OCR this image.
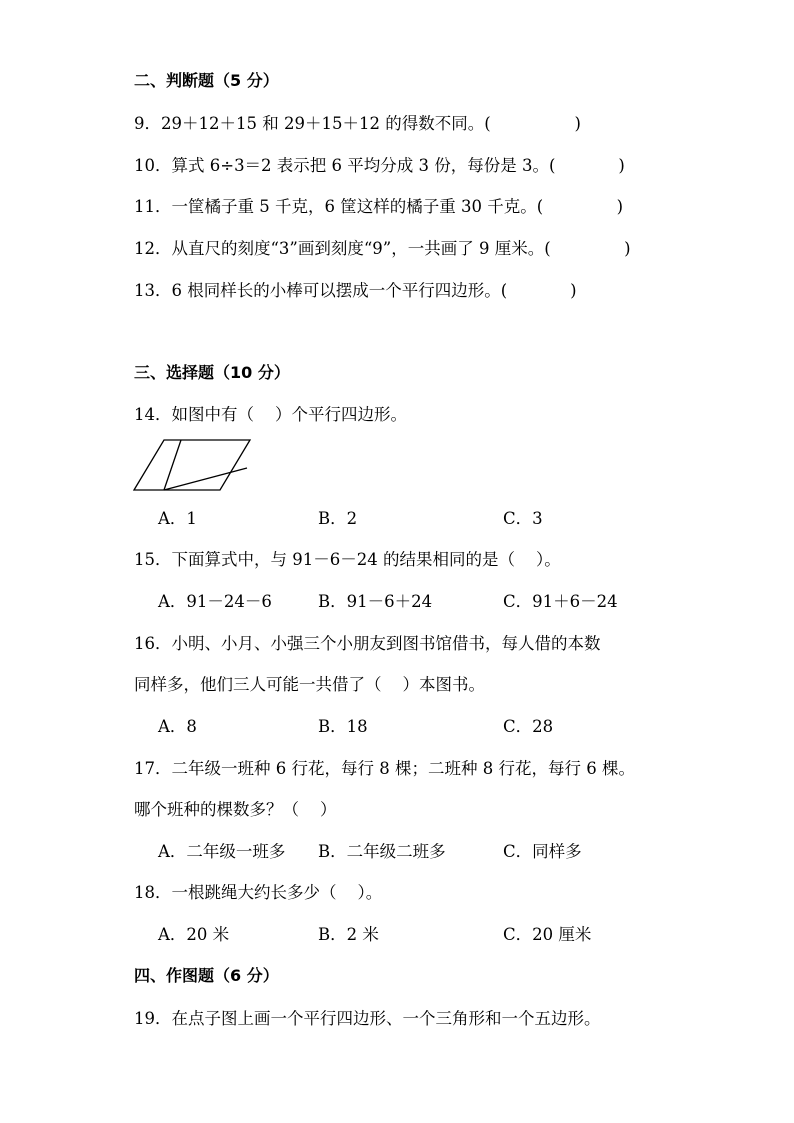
二、判断题（5 分）
9．29＋12＋15 和 29＋15＋12 的得数不同。(                )
10．算式 6÷3＝2 表示把 6 平均分成 3 份，每份是 3。(            )
11．一筐橘子重 5 千克，6 筐这样的橘子重 30 千克。(              )
12．从直尺的刻度“3”画到刻度“9”，一共画了 9 厘米。(              )
13．6 根同样长的小棒可以摆成一个平行四边形。(            )
三、选择题（10 分）
14．如图中有（    ）个平行四边形。
A．1	B．2	C．3
15．下面算式中，与 91－6－24 的结果相同的是（    ）。
A．91－24－6	B．91－6＋24	C．91＋6－24
16．小明、小月、小强三个小朋友到图书馆借书，每人借的本数
同样多，他们三人可能一共借了（    ）本图书。
A．8	B．18	C．28
17．二年级一班种 6 行花，每行 8 棵；二班种 8 行花，每行 6 棵。
哪个班种的棵数多？（    ）
A．二年级一班多 B．二年级二班多	C．同样多
18．一根跳绳大约长多少（    ）。
A．20 米	B．2 米	C．20 厘米
四、作图题（6 分）
19．在点子图上画一个平行四边形、一个三角形和一个五边形。
